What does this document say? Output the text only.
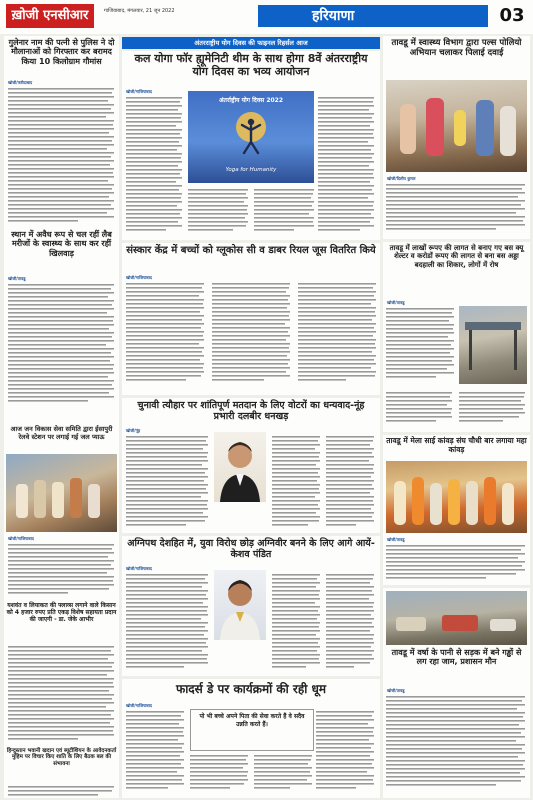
ख़ोजी एनसीआर	गाजियाबाद, मंगलवार, 21 जून 2022	हरियाणा	03

गुलेनार नाम की पत्नी से पुलिस ने दो मौलानाओं को गिरफ्तार कर बरामद किया 10 किलोग्राम गौमांस

खोजी/फरीदाबाद

स्थान में अवैध रूप से चल रहीं लैब मरीजों के स्वास्थ्य के साथ कर रहीं खिलवाड़

खोजी/तावडू

आज जन विकास सेवा समिति द्वारा ईसापुरी रेलवे स्टेशन पर लगाई गई जल प्याऊ

खोजी/गाजियाबाद

यशवंत व लियाकत की फ्लाव्स लगाने वाले किसान को 4 हजार रुपए प्रति एकड़ विशेष सहायता प्रदान की जाएगी - डा. जेके आभीर

हिन्दुस्तान भवानी खदान एवं ब्यूटीशियन के आवेदनकर्ता मुहिम पर विचार किए शाति के लिए बैठक बल की संभावना

अंतरराष्ट्रीय योग दिवस की फाइनल रिहर्सल आज

कल योगा फॉर ह्यूमेनिटी थीम के साथ होगा 8वें अंतरराष्ट्रीय योग दिवस का भव्य आयोजन

खोजी/गाजियाबाद

अंतर्राष्ट्रीय योग दिवस 2022
Yoga for Humanity

संस्कार केंद्र में बच्चों को ग्लूकोस सी व डाबर रियल जूस वितरित किये

खोजी/गाजियाबाद

तावडू में स्वास्थ्य विभाग द्वारा पल्स पोलियो अभियान चलाकर पिलाई दवाई

खोजी/दिलीप कुमार

तावडू में लाखों रूपए की लागत से बनाए गए बस क्यू शेल्टर व करोडों रूपए की लागत से बना बस अड्डा बदहाली का शिकार, लोगों में रोष

खोजी/तावडू

तावडू में मेला साई कांवड़ संघ चौधी बार लगाया महा कांवड़

खोजी/तावडू

चुनावी त्यौहार पर शांतिपूर्ण मतदान के लिए वोटरों का धन्यवाद-नूंह प्रभारी दलबीर धनखड़

खोजी/नूंह

अग्निपथ देशहित में, युवा विरोध छोड़ अग्निवीर बनने के लिए आगे आयें-केशव पंडित

खोजी/गाजियाबाद

तावडू में वर्षा के पानी से सड़क में बने गड्ढों से लग रहा जाम, प्रशासन मौन

खोजी/तावडू

फादर्स डे पर कार्यक्रमों की रही धूम

खोजी/गाजियाबाद

पो भी बच्चे अपने पिता की सेवा करते हैं वे सदैव उन्नति करते हैं।
